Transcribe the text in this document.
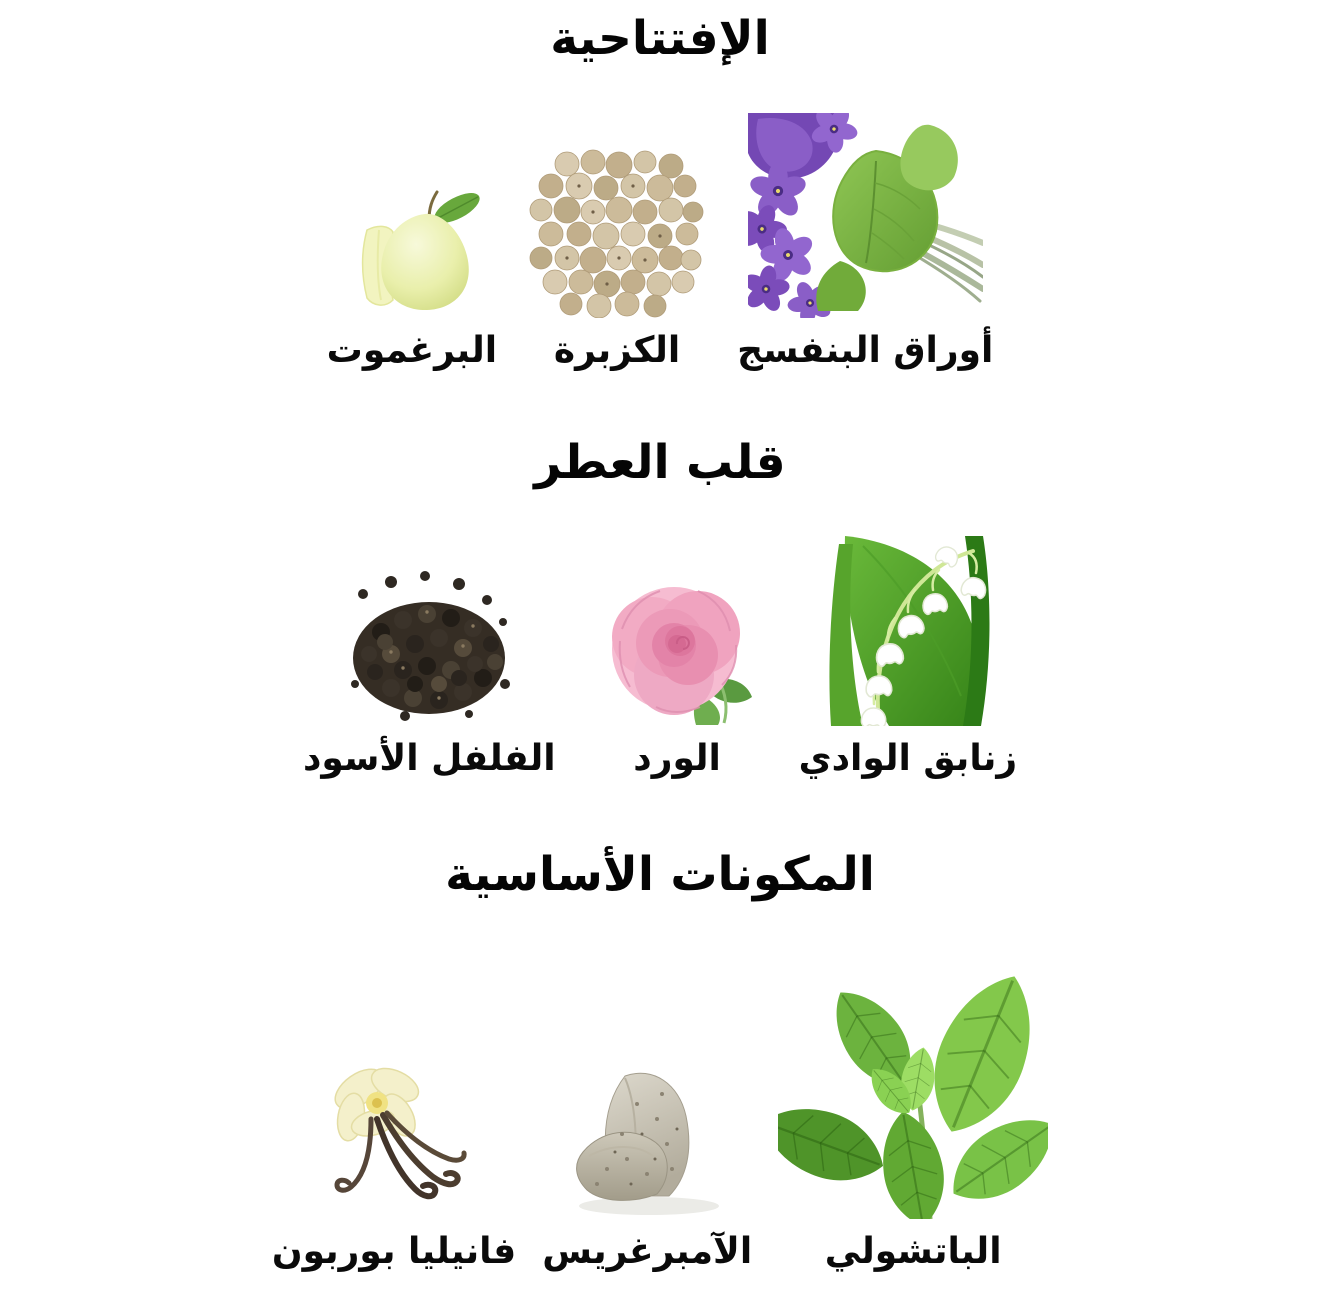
الإفتتاحية
أوراق البنفسج
الكزبرة
البرغموت
قلب العطر
زنابق الوادي
الورد
الفلفل الأسود
المكونات الأساسية
الباتشولي
الآمبرغريس
فانيليا بوربون
